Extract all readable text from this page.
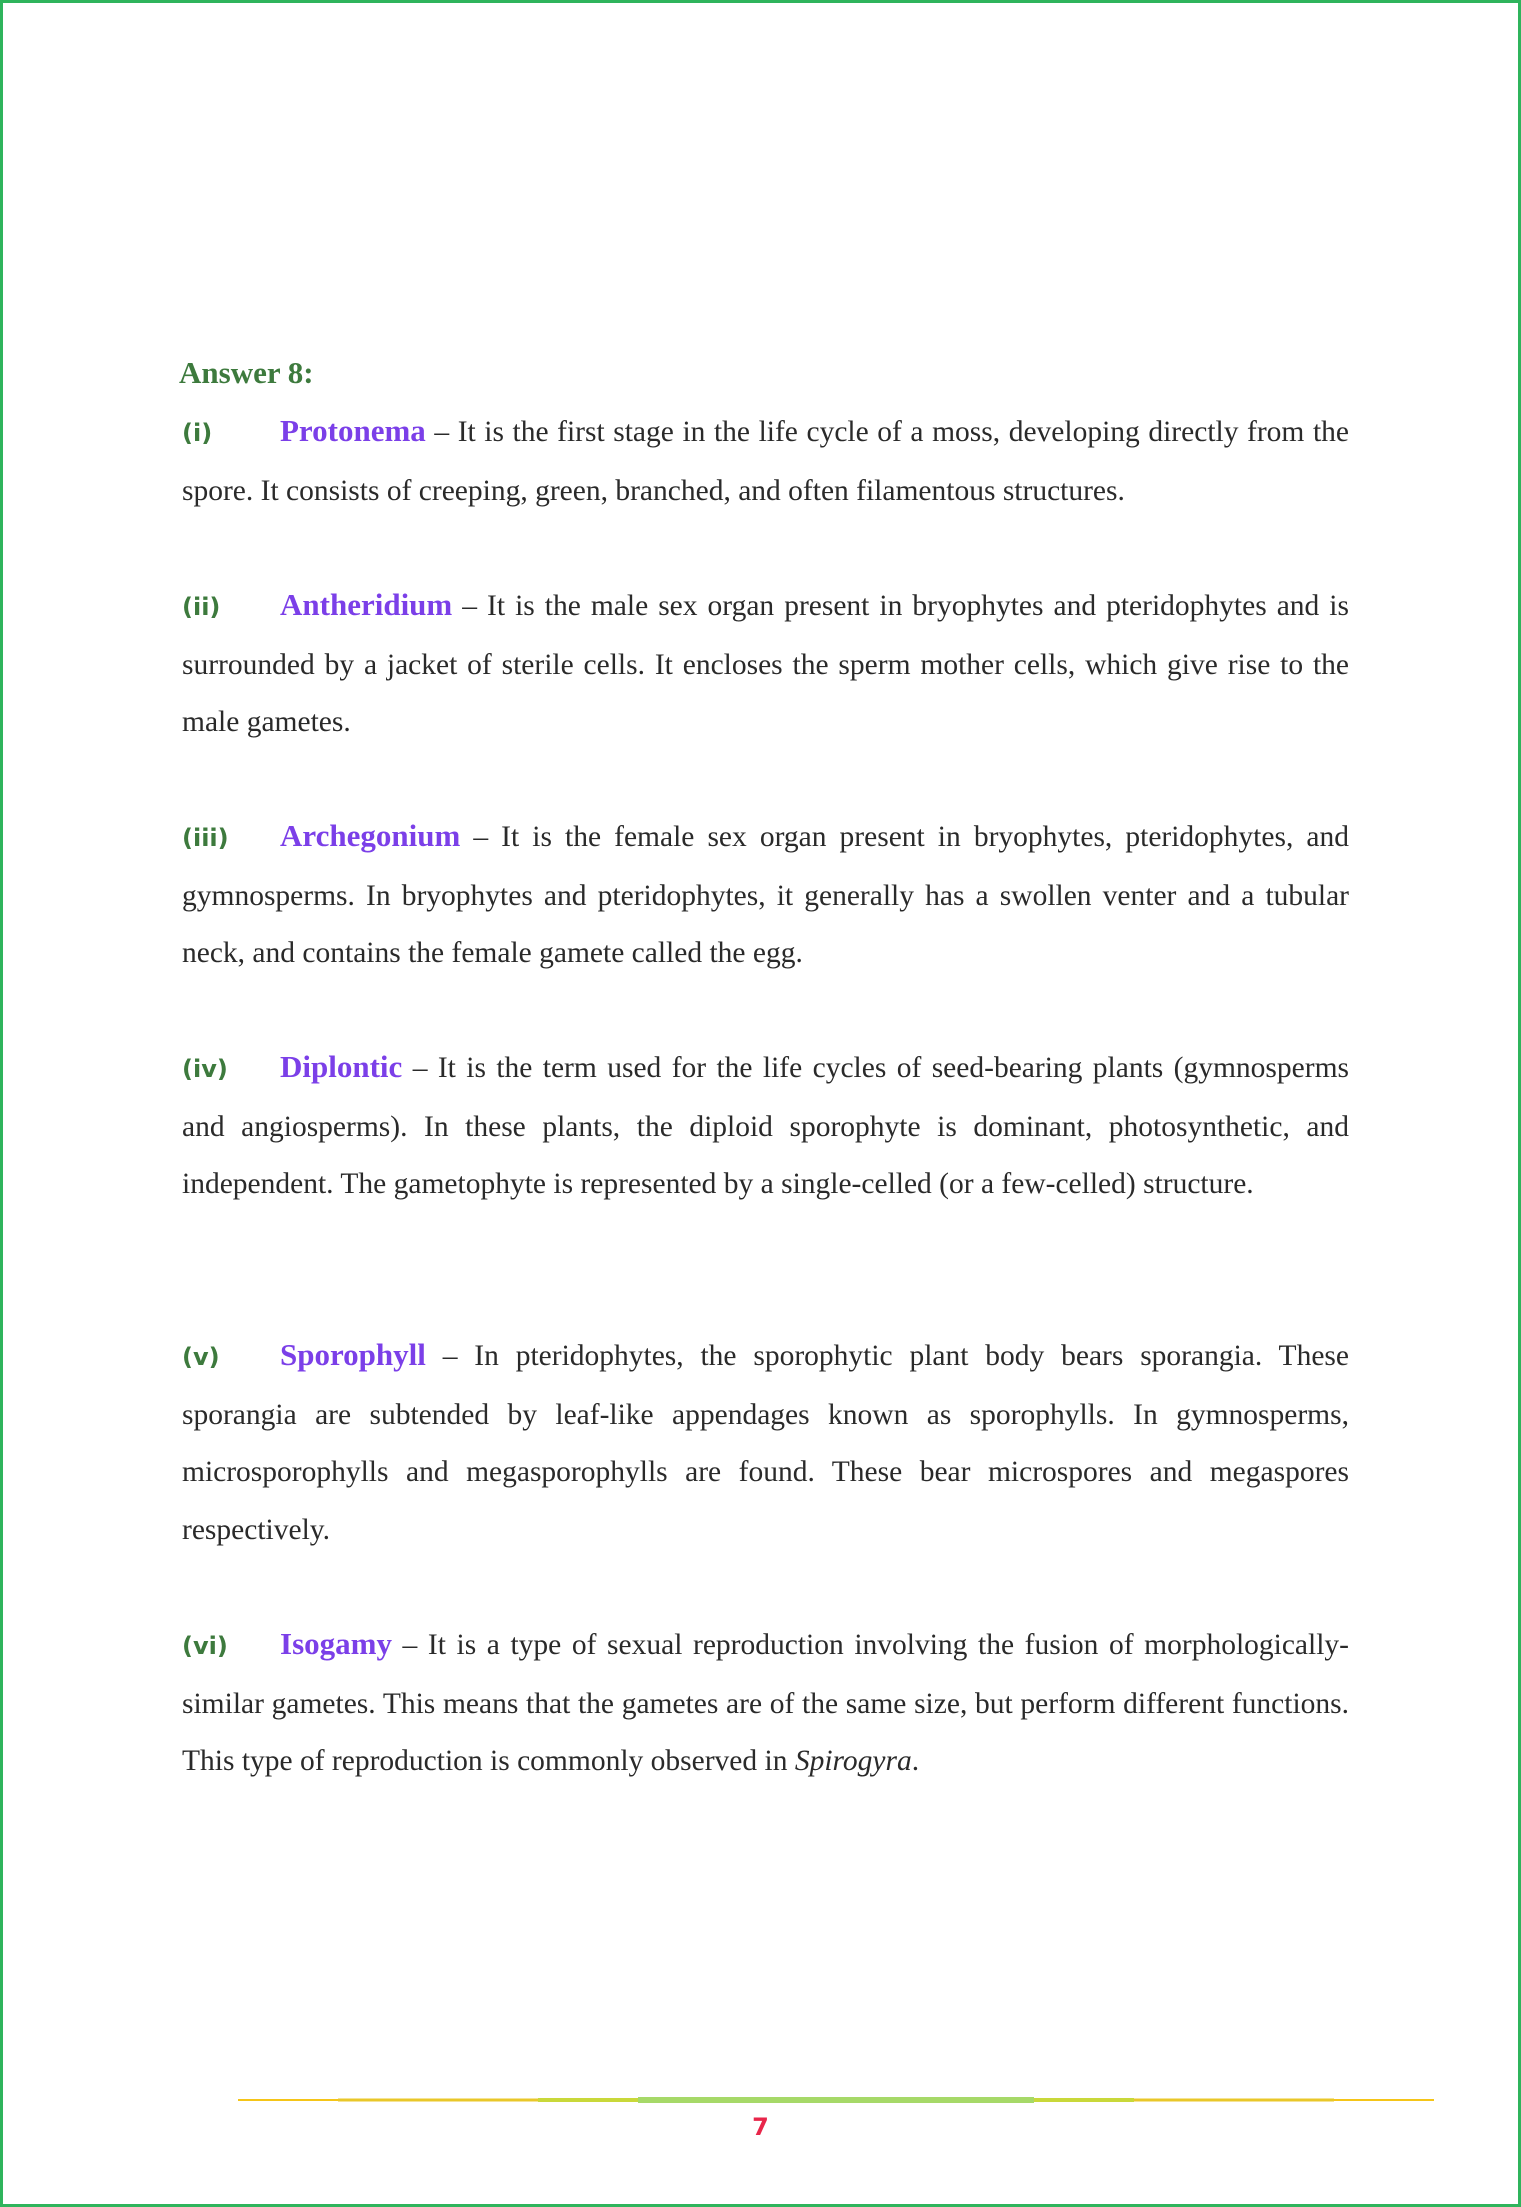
Answer 8:
(i) Protonema – It is the first stage in the life cycle of a moss, developing directly from the spore. It consists of creeping, green, branched, and often filamentous structures.
(ii) Antheridium – It is the male sex organ present in bryophytes and pteridophytes and is surrounded by a jacket of sterile cells. It encloses the sperm mother cells, which give rise to the male gametes.
(iii) Archegonium – It is the female sex organ present in bryophytes, pteridophytes, and gymnosperms. In bryophytes and pteridophytes, it generally has a swollen venter and a tubular neck, and contains the female gamete called the egg.
(iv) Diplontic – It is the term used for the life cycles of seed-bearing plants (gymnosperms and angiosperms). In these plants, the diploid sporophyte is dominant, photosynthetic, and independent. The gametophyte is represented by a single-celled (or a few-celled) structure.
(v) Sporophyll – In pteridophytes, the sporophytic plant body bears sporangia. These sporangia are subtended by leaf-like appendages known as sporophylls. In gymnosperms, microsporophylls and megasporophylls are found. These bear microspores and megaspores respectively.
(vi) Isogamy – It is a type of sexual reproduction involving the fusion of morphologically-similar gametes. This means that the gametes are of the same size, but perform different functions. This type of reproduction is commonly observed in Spirogyra.
7
